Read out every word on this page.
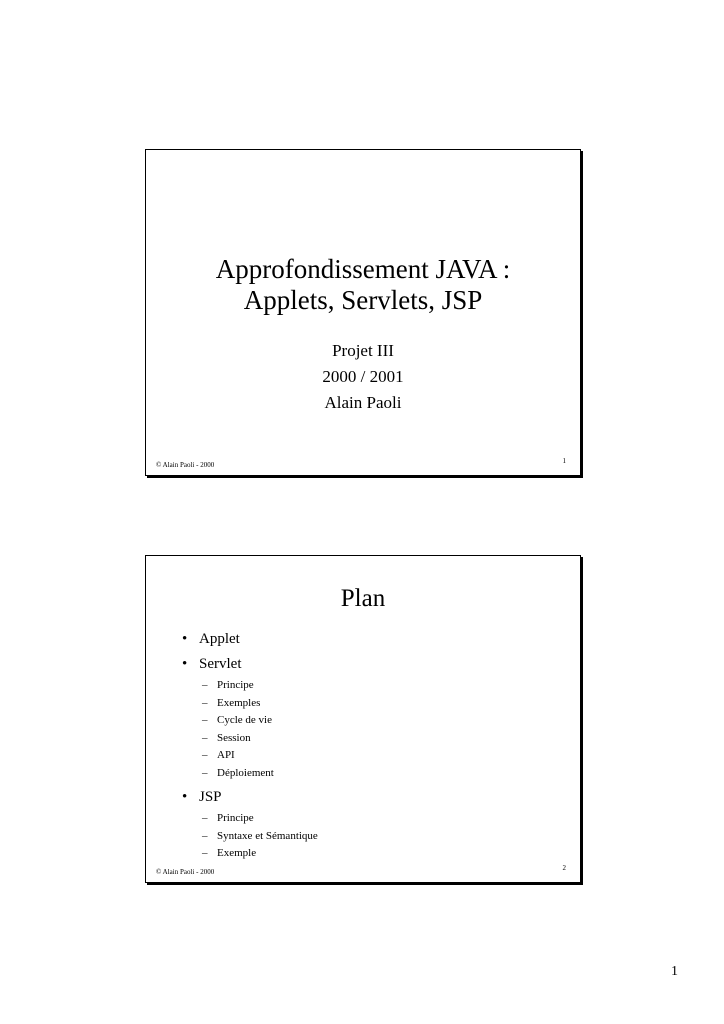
Approfondissement JAVA :
Applets, Servlets, JSP
Projet III
2000 / 2001
Alain Paoli
© Alain Paoli - 2000	1
Plan
• Applet
• Servlet
– Principe
– Exemples
– Cycle de vie
– Session
– API
– Déploiement
• JSP
– Principe
– Syntaxe et Sémantique
– Exemple
© Alain Paoli - 2000	2
1
